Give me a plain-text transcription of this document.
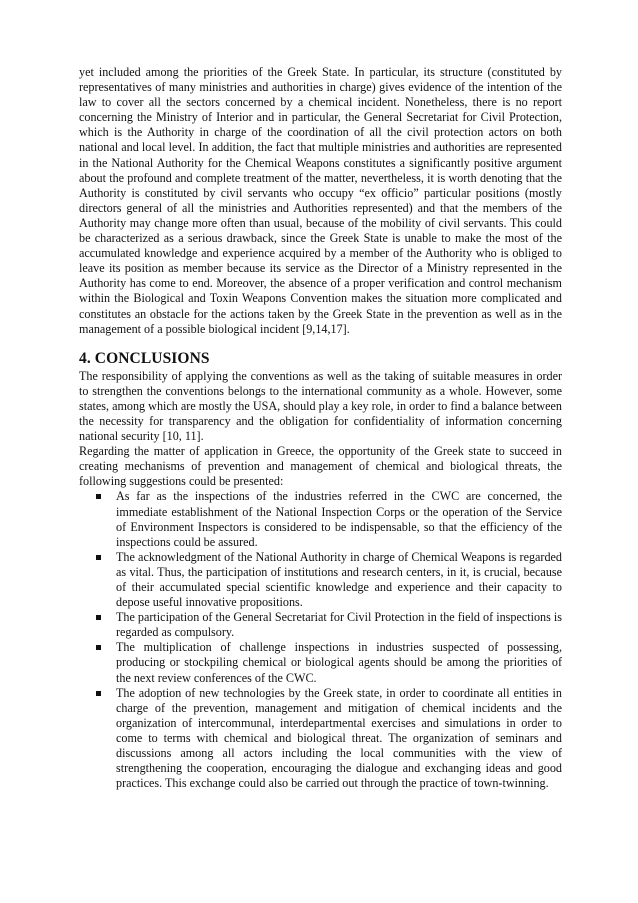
yet included among the priorities of the Greek State. In particular, its structure (constituted by representatives of many ministries and authorities in charge) gives evidence of the intention of the law to cover all the sectors concerned by a chemical incident. Nonetheless, there is no report concerning the Ministry of Interior and in particular, the General Secretariat for Civil Protection, which is the Authority in charge of the coordination of all the civil protection actors on both national and local level. In addition, the fact that multiple ministries and authorities are represented in the National Authority for the Chemical Weapons constitutes a significantly positive argument about the profound and complete treatment of the matter, nevertheless, it is worth denoting that the Authority is constituted by civil servants who occupy “ex officio” particular positions (mostly directors general of all the ministries and Authorities represented) and that the members of the Authority may change more often than usual, because of the mobility of civil servants. This could be characterized as a serious drawback, since the Greek State is unable to make the most of the accumulated knowledge and experience acquired by a member of the Authority who is obliged to leave its position as member because its service as the Director of a Ministry represented in the Authority has come to end. Moreover, the absence of a proper verification and control mechanism within the Biological and Toxin Weapons Convention makes the situation more complicated and constitutes an obstacle for the actions taken by the Greek State in the prevention as well as in the management of a possible biological incident [9,14,17].

4. CONCLUSIONS

The responsibility of applying the conventions as well as the taking of suitable measures in order to strengthen the conventions belongs to the international community as a whole. However, some states, among which are mostly the USA, should play a key role, in order to find a balance between the necessity for transparency and the obligation for confidentiality of information concerning national security [10, 11].

Regarding the matter of application in Greece, the opportunity of the Greek state to succeed in creating mechanisms of prevention and management of chemical and biological threats, the following suggestions could be presented:

As far as the inspections of the industries referred in the CWC are concerned, the immediate establishment of the National Inspection Corps or the operation of the Service of Environment Inspectors is considered to be indispensable, so that the efficiency of the inspections could be assured.
The acknowledgment of the National Authority in charge of Chemical Weapons is regarded as vital. Thus, the participation of institutions and research centers, in it, is crucial, because of their accumulated special scientific knowledge and experience and their capacity to depose useful innovative propositions.
The participation of the General Secretariat for Civil Protection in the field of inspections is regarded as compulsory.
The multiplication of challenge inspections in industries suspected of possessing, producing or stockpiling chemical or biological agents should be among the priorities of the next review conferences of the CWC.
The adoption of new technologies by the Greek state, in order to coordinate all entities in charge of the prevention, management and mitigation of chemical incidents and the organization of intercommunal, interdepartmental exercises and simulations in order to come to terms with chemical and biological threat. The organization of seminars and discussions among all actors including the local communities with the view of strengthening the cooperation, encouraging the dialogue and exchanging ideas and good practices. This exchange could also be carried out through the practice of town-twinning.
